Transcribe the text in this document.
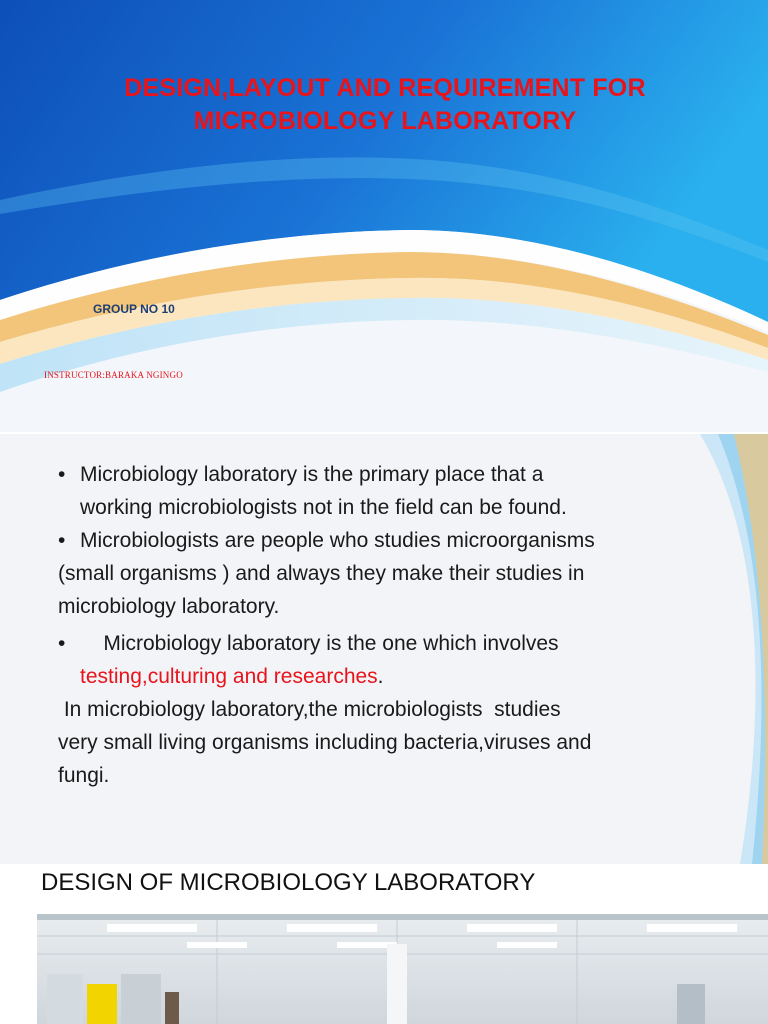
DESIGN,LAYOUT AND REQUIREMENT FOR
MICROBIOLOGY LABORATORY
GROUP NO 10
INSTRUCTOR:BARAKA NGINGO
• Microbiology laboratory is the primary place that a
working microbiologists not in the field can be found.
• Microbiologists are people who studies microorganisms
(small organisms ) and always they make their studies in
microbiology laboratory.
• Microbiology laboratory is the one which involves
testing,culturing and researches.
In microbiology laboratory,the microbiologists  studies
very small living organisms including bacteria,viruses and
fungi.
DESIGN OF MICROBIOLOGY LABORATORY
